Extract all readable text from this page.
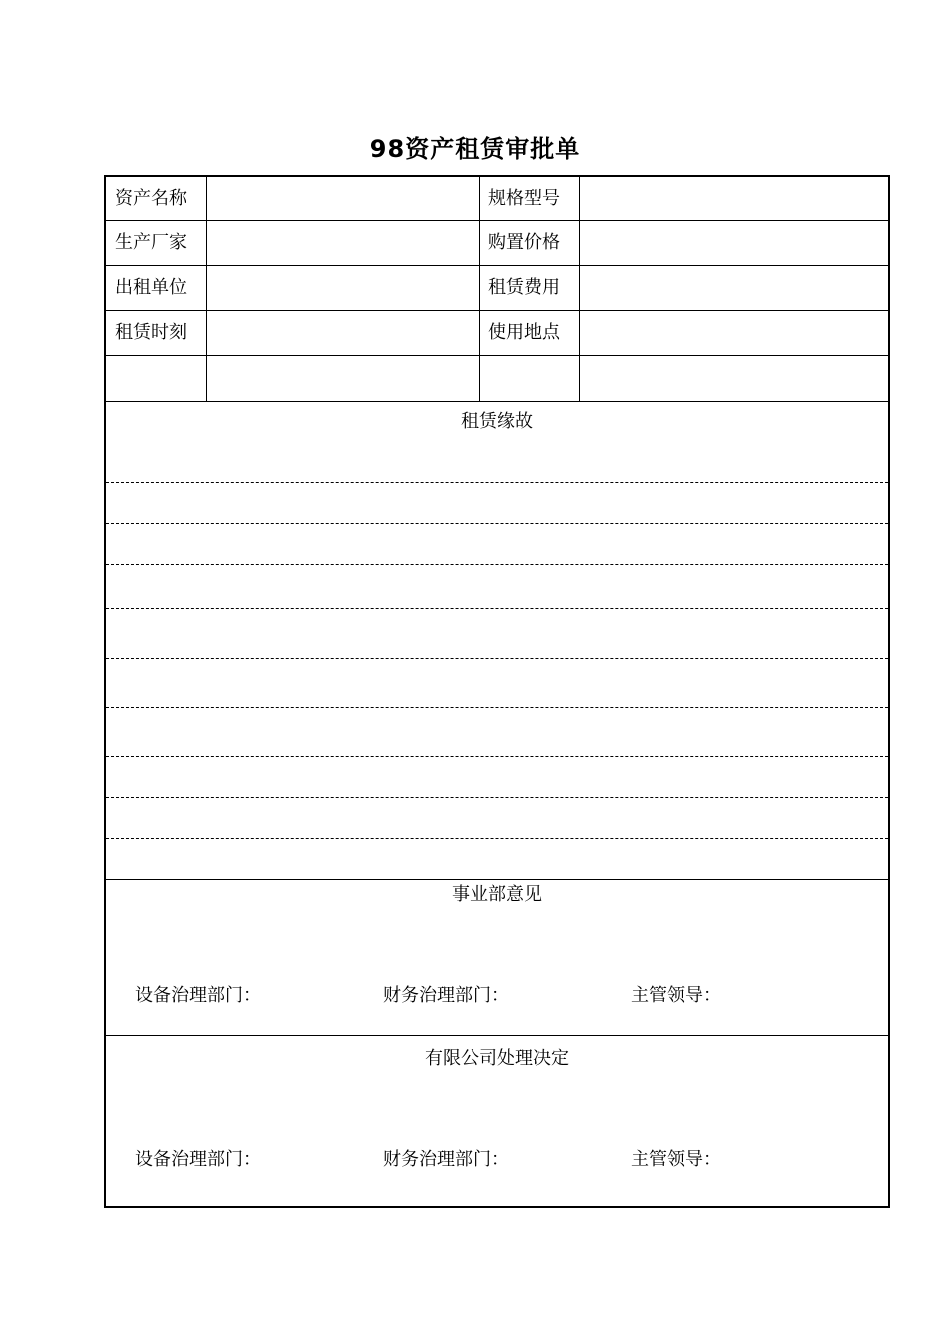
98资产租赁审批单
资产名称	规格型号
生产厂家	购置价格
出租单位	租赁费用
租赁时刻	使用地点
租赁缘故
事业部意见
设备治理部门：	财务治理部门：	主管领导：
有限公司处理决定
设备治理部门：	财务治理部门：	主管领导：
